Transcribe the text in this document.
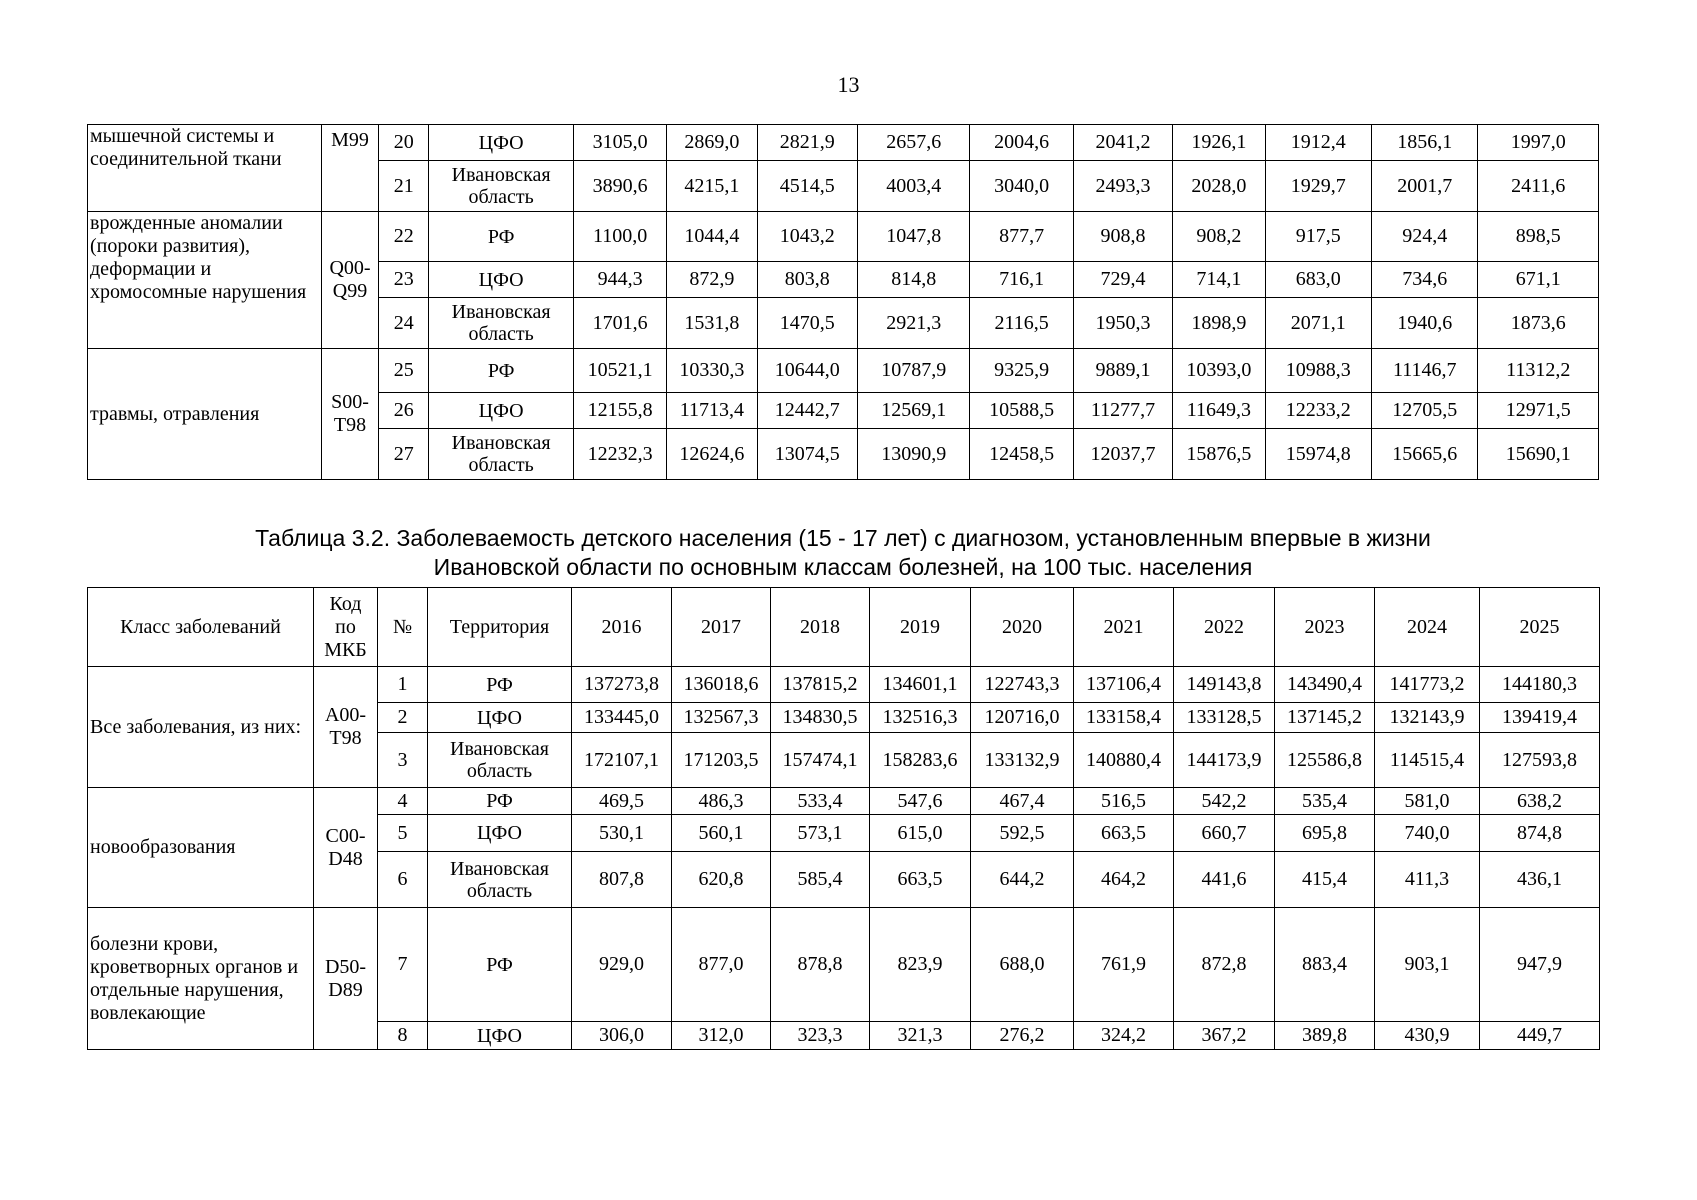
13
мышечной системы и соединительной ткани	M99	20	ЦФО	3105,0	2869,0	2821,9	2657,6	2004,6	2041,2	1926,1	1912,4	1856,1	1997,0
		21	Ивановская область	3890,6	4215,1	4514,5	4003,4	3040,0	2493,3	2028,0	1929,7	2001,7	2411,6
врожденные аномалии (пороки развития), деформации и хромосомные нарушения	Q00-Q99	22	РФ	1100,0	1044,4	1043,2	1047,8	877,7	908,8	908,2	917,5	924,4	898,5
		23	ЦФО	944,3	872,9	803,8	814,8	716,1	729,4	714,1	683,0	734,6	671,1
		24	Ивановская область	1701,6	1531,8	1470,5	2921,3	2116,5	1950,3	1898,9	2071,1	1940,6	1873,6
травмы, отравления	S00-T98	25	РФ	10521,1	10330,3	10644,0	10787,9	9325,9	9889,1	10393,0	10988,3	11146,7	11312,2
		26	ЦФО	12155,8	11713,4	12442,7	12569,1	10588,5	11277,7	11649,3	12233,2	12705,5	12971,5
		27	Ивановская область	12232,3	12624,6	13074,5	13090,9	12458,5	12037,7	15876,5	15974,8	15665,6	15690,1
Таблица 3.2. Заболеваемость детского населения (15 - 17 лет) с диагнозом, установленным впервые в жизни
Ивановской области по основным классам болезней, на 100 тыс. населения
Класс заболеваний	Код по МКБ	№	Территория	2016	2017	2018	2019	2020	2021	2022	2023	2024	2025
Все заболевания, из них:	A00-T98	1	РФ	137273,8	136018,6	137815,2	134601,1	122743,3	137106,4	149143,8	143490,4	141773,2	144180,3
		2	ЦФО	133445,0	132567,3	134830,5	132516,3	120716,0	133158,4	133128,5	137145,2	132143,9	139419,4
		3	Ивановская область	172107,1	171203,5	157474,1	158283,6	133132,9	140880,4	144173,9	125586,8	114515,4	127593,8
новообразования	C00-D48	4	РФ	469,5	486,3	533,4	547,6	467,4	516,5	542,2	535,4	581,0	638,2
		5	ЦФО	530,1	560,1	573,1	615,0	592,5	663,5	660,7	695,8	740,0	874,8
		6	Ивановская область	807,8	620,8	585,4	663,5	644,2	464,2	441,6	415,4	411,3	436,1
болезни крови, кроветворных органов и отдельные нарушения, вовлекающие	D50-D89	7	РФ	929,0	877,0	878,8	823,9	688,0	761,9	872,8	883,4	903,1	947,9
		8	ЦФО	306,0	312,0	323,3	321,3	276,2	324,2	367,2	389,8	430,9	449,7
